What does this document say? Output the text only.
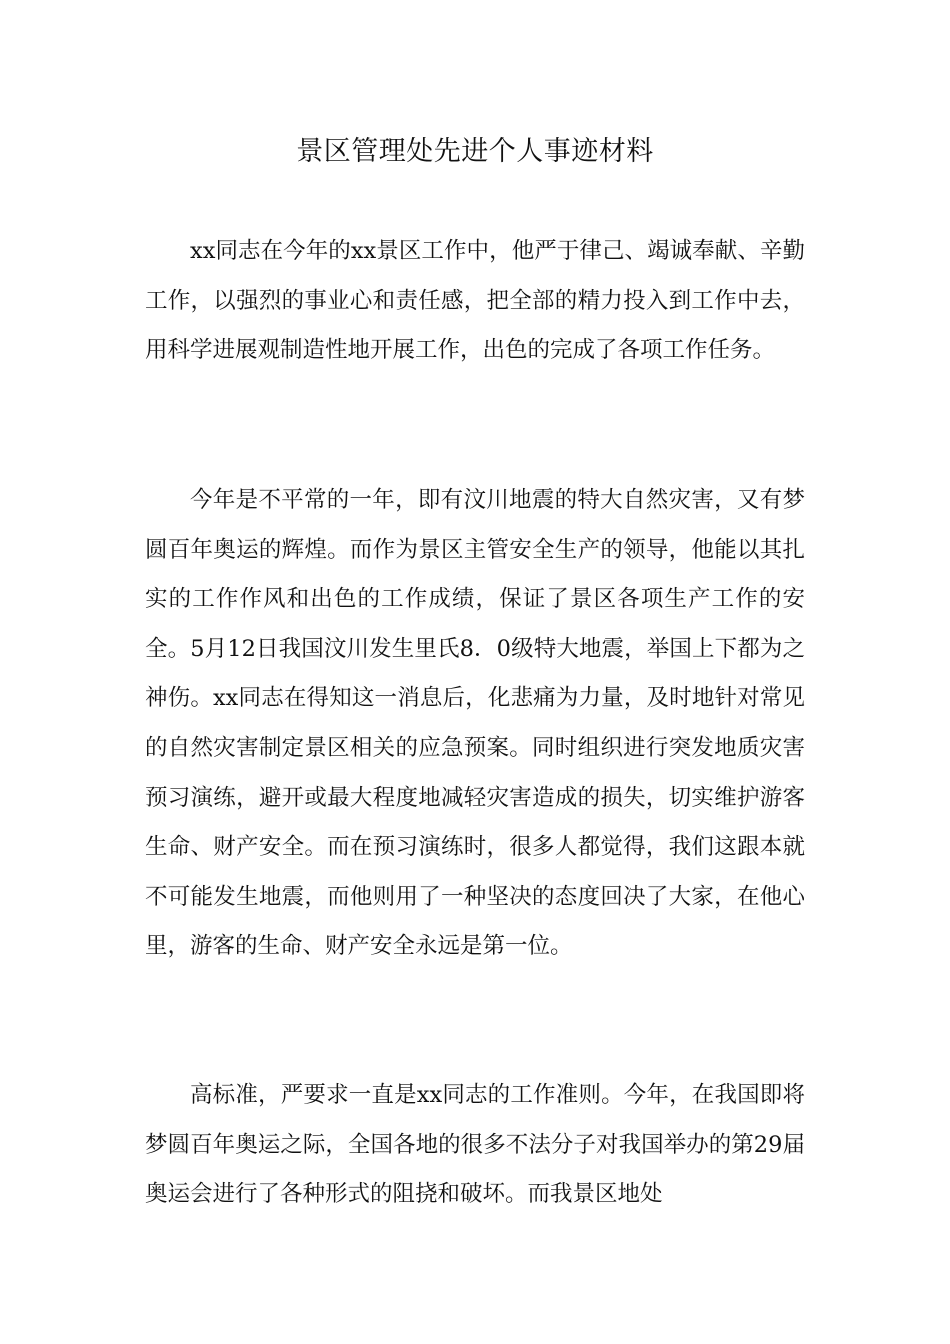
景区管理处先进个人事迹材料

xx同志在今年的xx景区工作中，他严于律己、竭诚奉献、辛勤工作，以强烈的事业心和责任感，把全部的精力投入到工作中去，用科学进展观制造性地开展工作，出色的完成了各项工作任务。

今年是不平常的一年，即有汶川地震的特大自然灾害，又有梦圆百年奥运的辉煌。而作为景区主管安全生产的领导，他能以其扎实的工作作风和出色的工作成绩，保证了景区各项生产工作的安全。5月12日我国汶川发生里氏8．0级特大地震，举国上下都为之神伤。xx同志在得知这一消息后，化悲痛为力量，及时地针对常见的自然灾害制定景区相关的应急预案。同时组织进行突发地质灾害预习演练，避开或最大程度地减轻灾害造成的损失，切实维护游客生命、财产安全。而在预习演练时，很多人都觉得，我们这跟本就不可能发生地震，而他则用了一种坚决的态度回决了大家，在他心里，游客的生命、财产安全永远是第一位。

高标准，严要求一直是xx同志的工作准则。今年，在我国即将梦圆百年奥运之际，全国各地的很多不法分子对我国举办的第29届奥运会进行了各种形式的阻挠和破坏。而我景区地处
